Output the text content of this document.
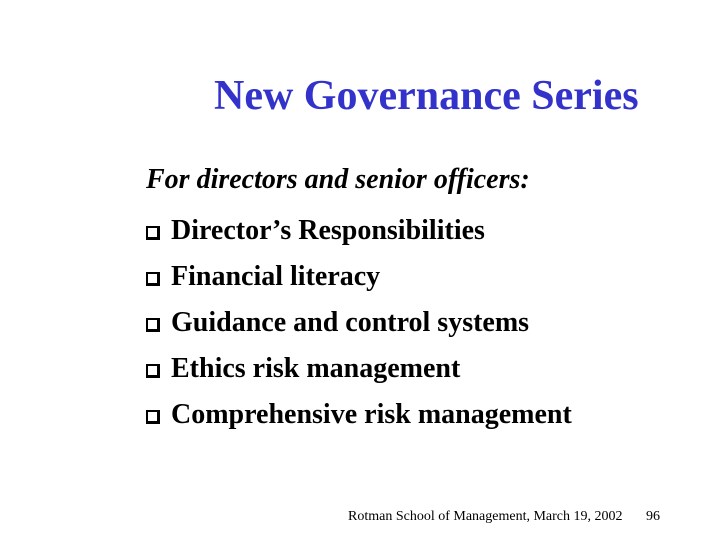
New Governance Series
For directors and senior officers:
Director’s Responsibilities
Financial literacy
Guidance and control systems
Ethics risk management
Comprehensive risk management
Rotman School of Management, March 19, 2002 96
